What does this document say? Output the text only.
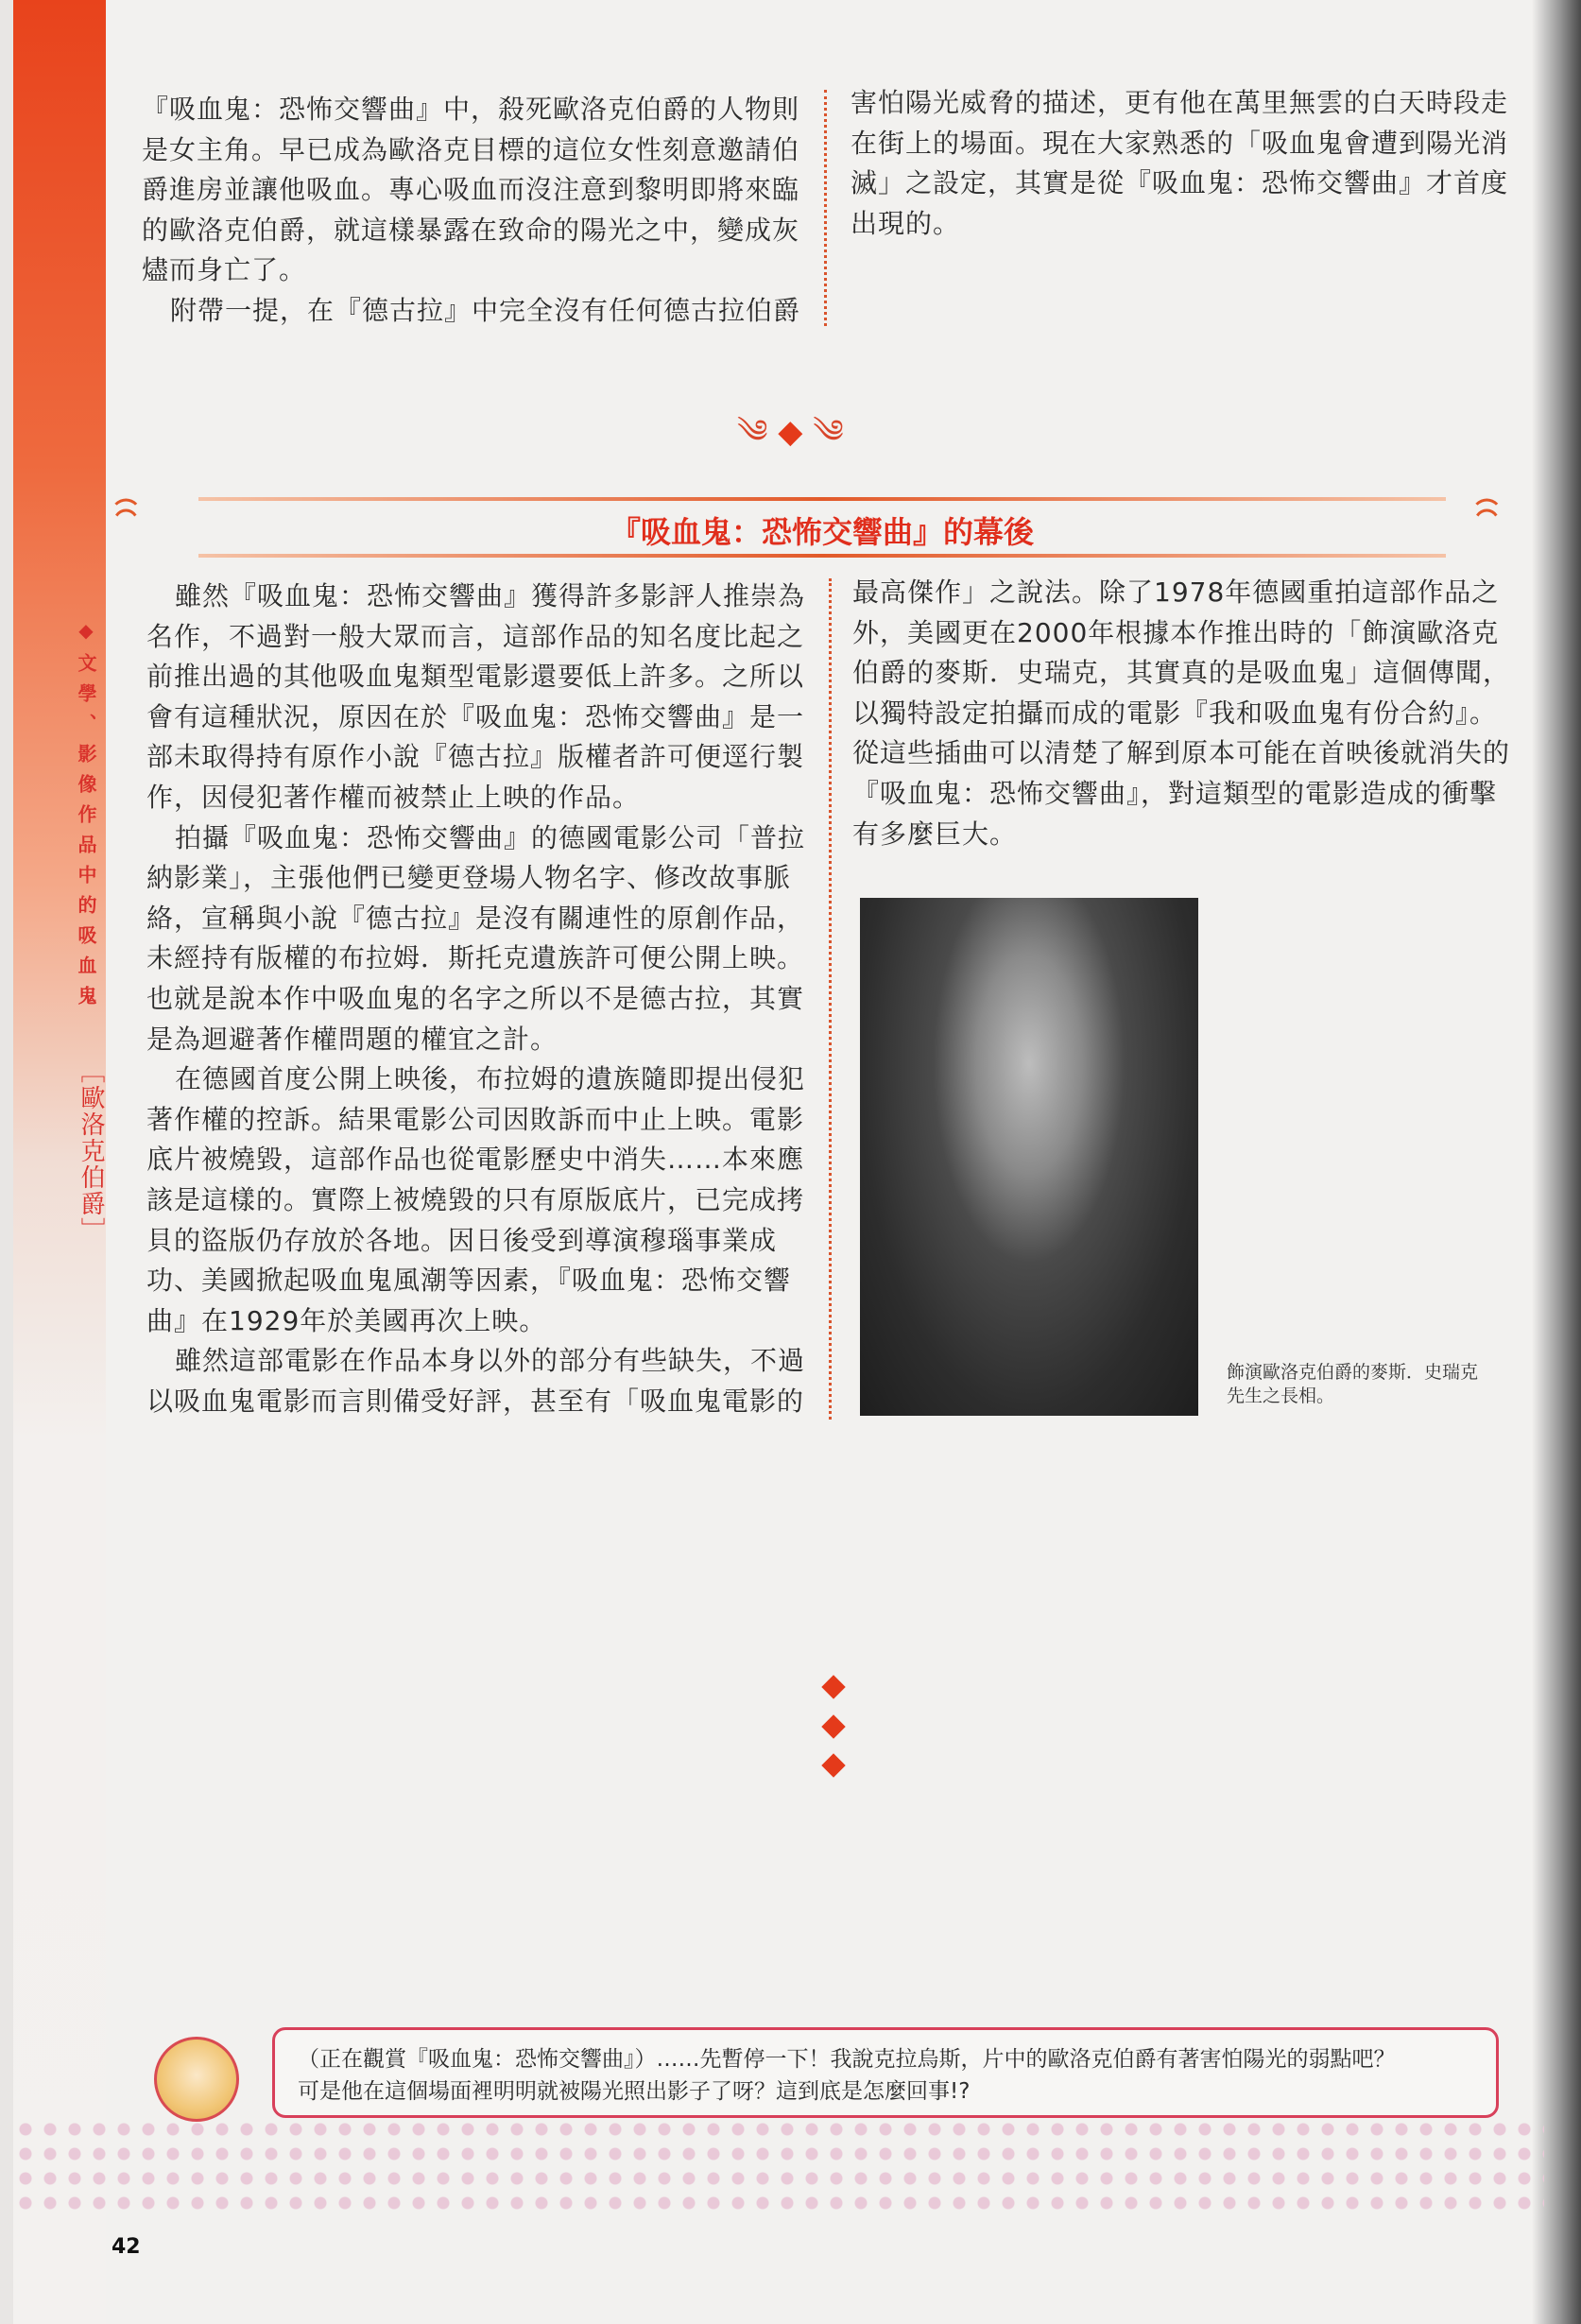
◆文學、影像作品中的吸血鬼
［歐洛克伯爵］
『吸血鬼：恐怖交響曲』中，殺死歐洛克伯爵的人物則
是女主角。早已成為歐洛克目標的這位女性刻意邀請伯
爵進房並讓他吸血。專心吸血而沒注意到黎明即將來臨
的歐洛克伯爵，就這樣暴露在致命的陽光之中，變成灰
燼而身亡了。
附帶一提，在『德古拉』中完全沒有任何德古拉伯爵
害怕陽光威脅的描述，更有他在萬里無雲的白天時段走
在街上的場面。現在大家熟悉的「吸血鬼會遭到陽光消
滅」之設定，其實是從『吸血鬼：恐怖交響曲』才首度
出現的。
༄ ◆ ༄
『吸血鬼：恐怖交響曲』的幕後
雖然『吸血鬼：恐怖交響曲』獲得許多影評人推崇為
名作，不過對一般大眾而言，這部作品的知名度比起之
前推出過的其他吸血鬼類型電影還要低上許多。之所以
會有這種狀況，原因在於『吸血鬼：恐怖交響曲』是一
部未取得持有原作小說『德古拉』版權者許可便逕行製
作，因侵犯著作權而被禁止上映的作品。
拍攝『吸血鬼：恐怖交響曲』的德國電影公司「普拉
納影業」，主張他們已變更登場人物名字、修改故事脈
絡，宣稱與小說『德古拉』是沒有關連性的原創作品，
未經持有版權的布拉姆．斯托克遺族許可便公開上映。
也就是說本作中吸血鬼的名字之所以不是德古拉，其實
是為迴避著作權問題的權宜之計。
在德國首度公開上映後，布拉姆的遺族隨即提出侵犯
著作權的控訴。結果電影公司因敗訴而中止上映。電影
底片被燒毀，這部作品也從電影歷史中消失……本來應
該是這樣的。實際上被燒毀的只有原版底片，已完成拷
貝的盜版仍存放於各地。因日後受到導演穆瑙事業成
功、美國掀起吸血鬼風潮等因素，『吸血鬼：恐怖交響
曲』在1929年於美國再次上映。
雖然這部電影在作品本身以外的部分有些缺失，不過
以吸血鬼電影而言則備受好評，甚至有「吸血鬼電影的
最高傑作」之說法。除了1978年德國重拍這部作品之
外，美國更在2000年根據本作推出時的「飾演歐洛克
伯爵的麥斯．史瑞克，其實真的是吸血鬼」這個傳聞，
以獨特設定拍攝而成的電影『我和吸血鬼有份合約』。
從這些插曲可以清楚了解到原本可能在首映後就消失的
『吸血鬼：恐怖交響曲』，對這類型的電影造成的衝擊
有多麼巨大。
飾演歐洛克伯爵的麥斯．史瑞克
先生之長相。
（正在觀賞『吸血鬼：恐怖交響曲』）……先暫停一下！我說克拉烏斯，片中的歐洛克伯爵有著害怕陽光的弱點吧？
可是他在這個場面裡明明就被陽光照出影子了呀？這到底是怎麼回事!?
42
